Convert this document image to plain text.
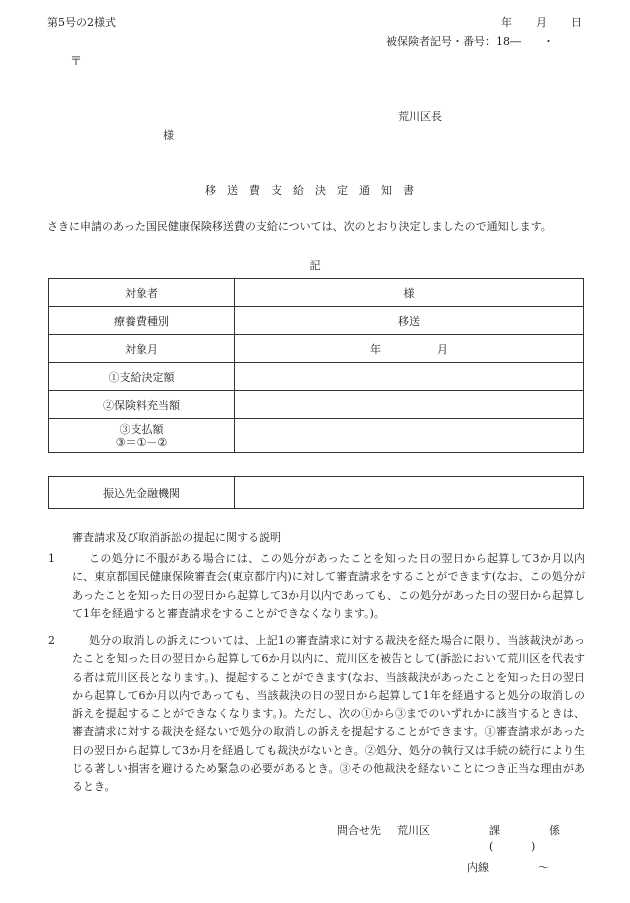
第5号の2様式	年 月 日
被保険者記号・番号：18―　　・
〒
荒川区長
様
移送費支給決定通知書
さきに申請のあった国民健康保険移送費の支給については、次のとおり決定しましたので通知します。
記
対象者	様
療養費種別	移送
対象月	年 月
①支給決定額	
②保険料充当額	

③支払額
③＝①－②	

振込先金融機関	
審査請求及び取消訴訟の提起に関する説明
1	この処分に不服がある場合には、この処分があったことを知った日の翌日から起算して3か月以内に、東京都国民健康保険審査会(東京都庁内)に対して審査請求をすることができます(なお、この処分があったことを知った日の翌日から起算して3か月以内であっても、この処分があった日の翌日から起算して1年を経過すると審査請求をすることができなくなります。)。
2	処分の取消しの訴えについては、上記1の審査請求に対する裁決を経た場合に限り、当該裁決があったことを知った日の翌日から起算して6か月以内に、荒川区を被告として(訴訟において荒川区を代表する者は荒川区長となります。)、提起することができます(なお、当該裁決があったことを知った日の翌日から起算して6か月以内であっても、当該裁決の日の翌日から起算して1年を経過すると処分の取消しの訴えを提起することができなくなります。)。ただし、次の①から③までのいずれかに該当するときは、審査請求に対する裁決を経ないで処分の取消しの訴えを提起することができます。①審査請求があった日の翌日から起算して3か月を経過しても裁決がないとき。②処分、処分の執行又は手続の続行により生じる著しい損害を避けるため緊急の必要があるとき。③その他裁決を経ないことにつき正当な理由があるとき。
問合せ先 荒川区	課	係
(	)
内線	～
